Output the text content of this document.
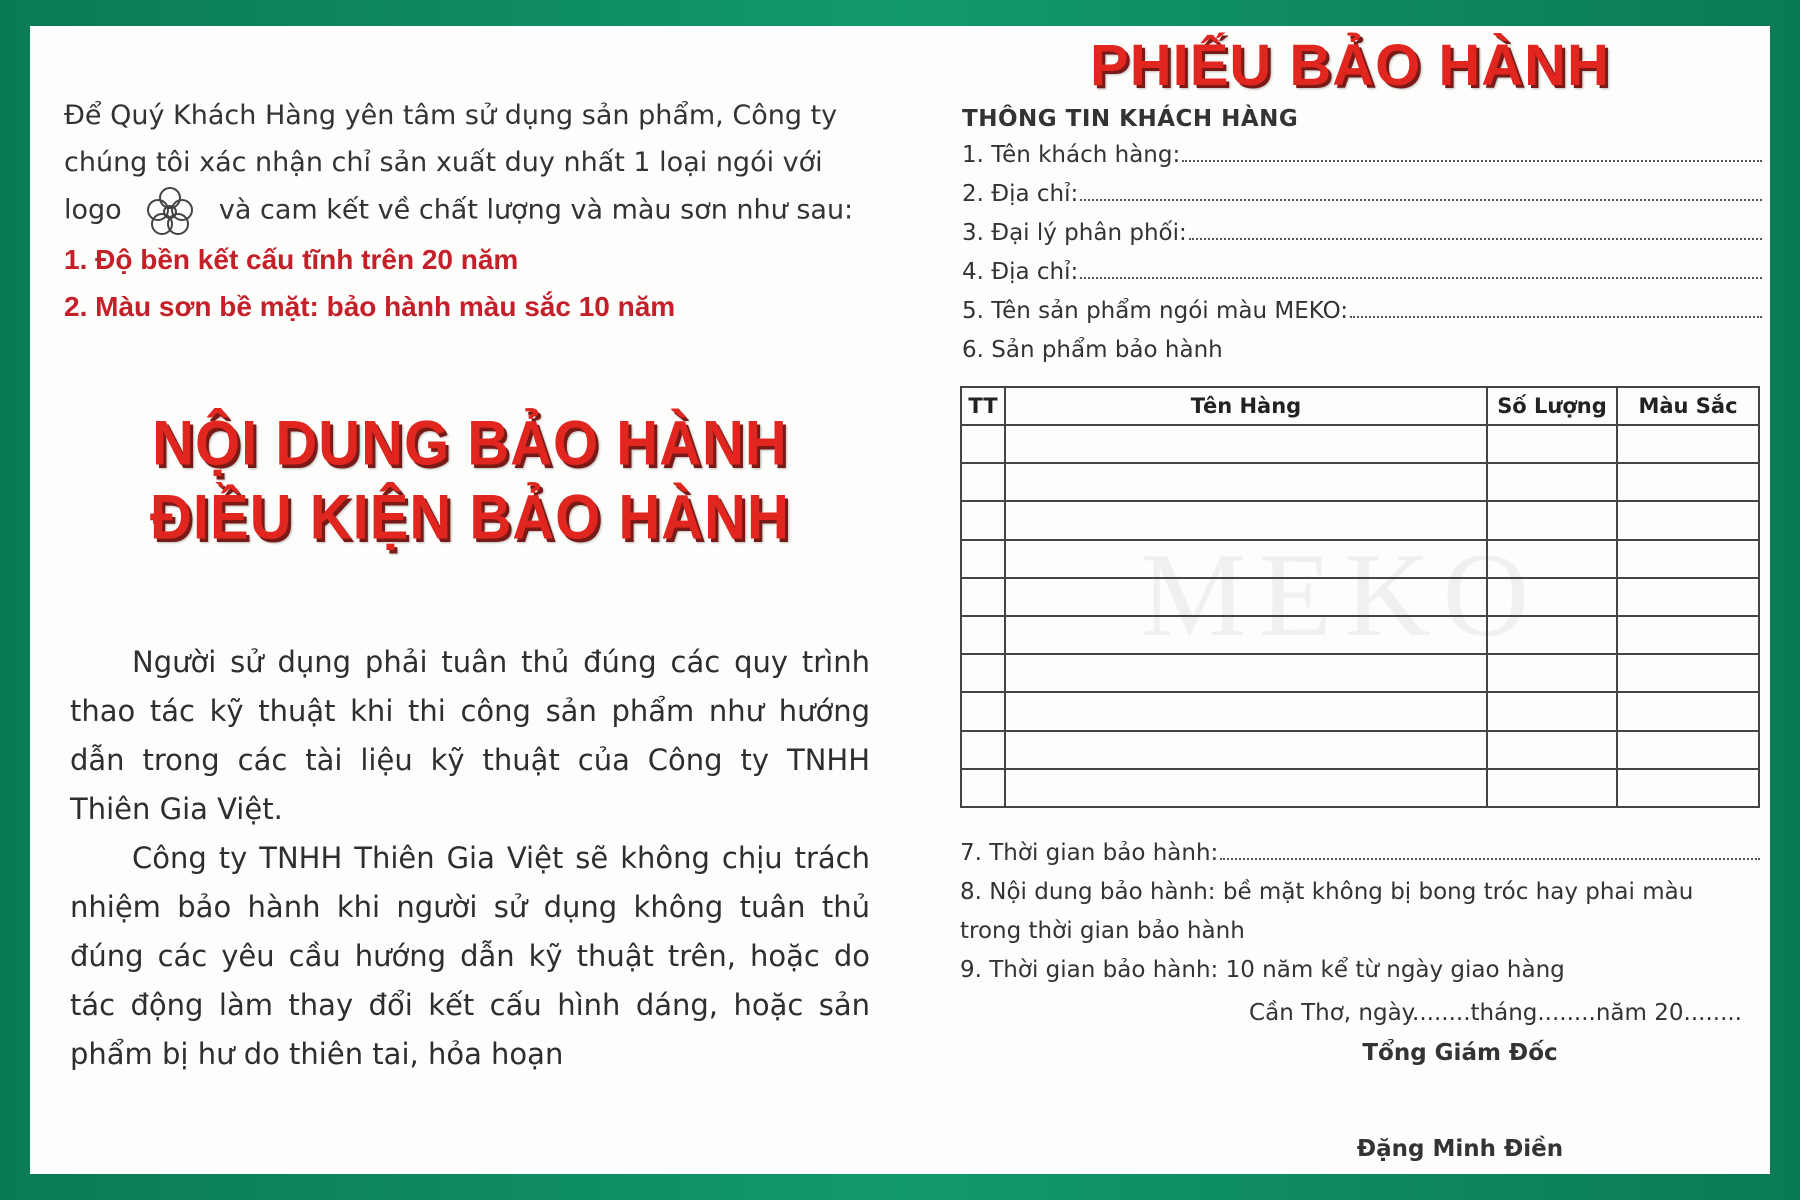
Để Quý Khách Hàng yên tâm sử dụng sản phẩm, Công ty
chúng tôi xác nhận chỉ sản xuất duy nhất 1 loại ngói với
logo	và cam kết về chất lượng và màu sơn như sau:
1. Độ bền kết cấu tĩnh trên 20 năm
2. Màu sơn bề mặt: bảo hành màu sắc 10 năm
NỘI DUNG BẢO HÀNH
ĐIỀU KIỆN BẢO HÀNH

Người sử dụng phải tuân thủ đúng các quy trình thao tác kỹ thuật khi thi công sản phẩm như hướng dẫn trong các tài liệu kỹ thuật của Công ty TNHH Thiên Gia Việt.

Công ty TNHH Thiên Gia Việt sẽ không chịu trách nhiệm bảo hành khi người sử dụng không tuân thủ đúng các yêu cầu hướng dẫn kỹ thuật trên, hoặc do tác động làm thay đổi kết cấu hình dáng, hoặc sản phẩm bị hư do thiên tai, hỏa hoạn

PHIẾU BẢO HÀNH
THÔNG TIN KHÁCH HÀNG
1. Tên khách hàng:
2. Địa chỉ:
3. Đại lý phân phối:
4. Địa chỉ:
5. Tên sản phẩm ngói màu MEKO:
6. Sản phẩm bảo hành
MEKO
TT	Tên Hàng	Số Lượng	Màu Sắc

7. Thời gian bảo hành:
8. Nội dung bảo hành: bề mặt không bị bong tróc hay phai màu
trong thời gian bảo hành
9. Thời gian bảo hành: 10 năm kể từ ngày giao hàng
Cần Thơ, ngày........tháng........năm 20........
Tổng Giám Đốc
Đặng Minh Điền
